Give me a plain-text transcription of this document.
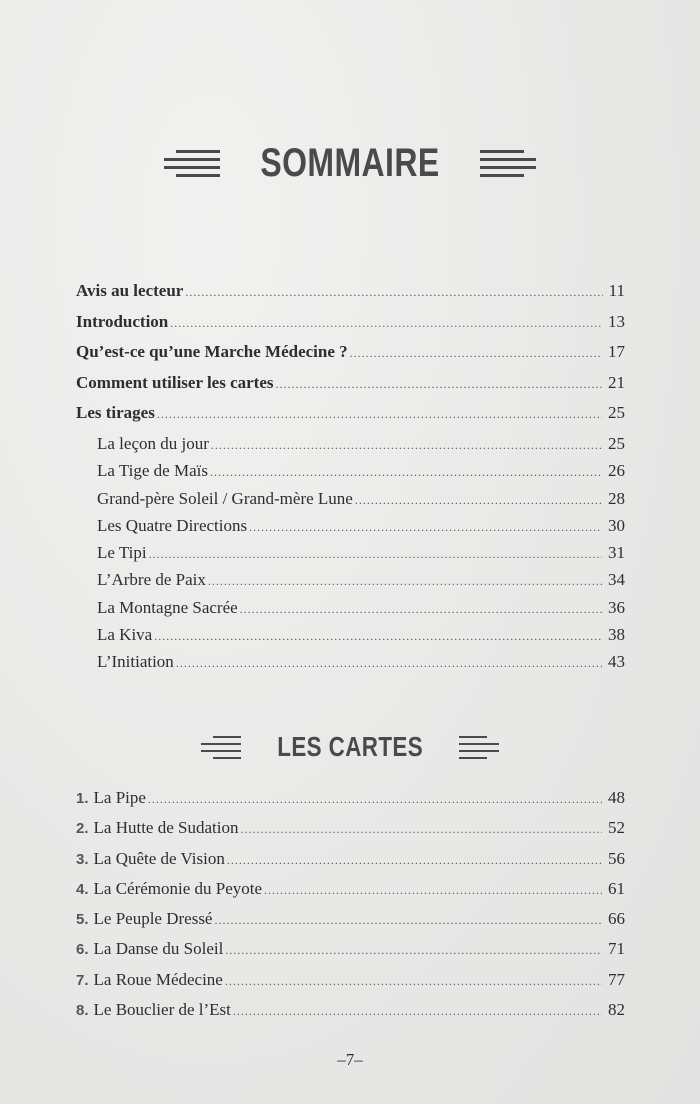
SOMMAIRE
Avis au lecteur .....	11
Introduction .....	13
Qu’est-ce qu’une Marche Médecine ? .....	17
Comment utiliser les cartes .....	21
Les tirages .....	25
La leçon du jour .....	25
La Tige de Maïs .....	26
Grand-père Soleil / Grand-mère Lune .....	28
Les Quatre Directions .....	30
Le Tipi .....	31
L’Arbre de Paix .....	34
La Montagne Sacrée .....	36
La Kiva .....	38
L’Initiation .....	43
LES CARTES
1. La Pipe .....	48
2. La Hutte de Sudation .....	52
3. La Quête de Vision .....	56
4. La Cérémonie du Peyote .....	61
5. Le Peuple Dressé .....	66
6. La Danse du Soleil .....	71
7. La Roue Médecine .....	77
8. Le Bouclier de l’Est .....	82
–7–
